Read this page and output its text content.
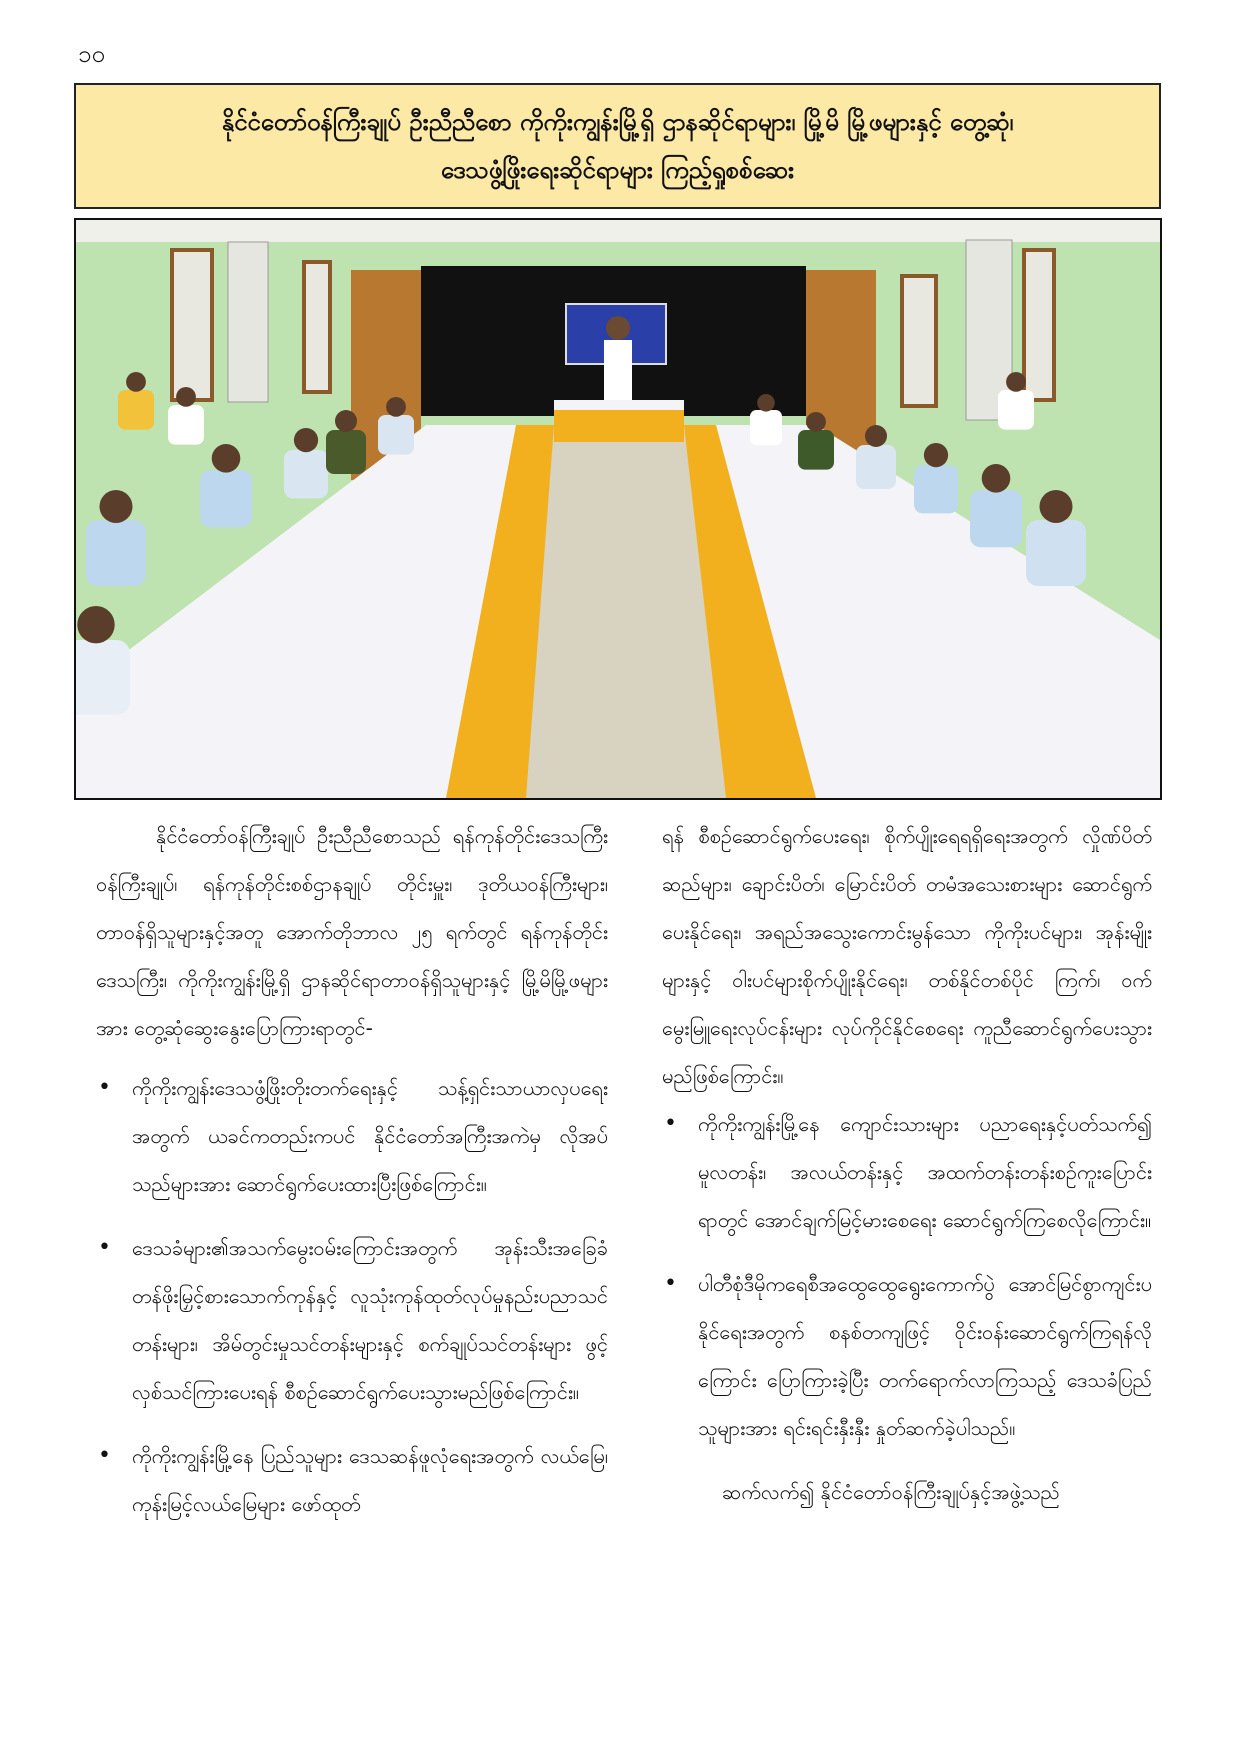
၁၀
နိုင်ငံတော်ဝန်ကြီးချုပ် ဦးညီညီစော ကိုကိုးကျွန်းမြို့ရှိ ဌာနဆိုင်ရာများ၊ မြို့မိ မြို့ဖများနှင့် တွေ့ဆုံ၊
ဒေသဖွံ့ဖြိုးရေးဆိုင်ရာများ ကြည့်ရှုစစ်ဆေး

နိုင်ငံတော်ဝန်ကြီးချုပ် ဦးညီညီစောသည် ရန်ကုန်တိုင်းဒေသကြီးဝန်ကြီးချုပ်၊ ရန်ကုန်တိုင်းစစ်ဌာနချုပ် တိုင်းမှူး၊ ဒုတိယဝန်ကြီးများ၊ တာဝန်ရှိသူများနှင့်အတူ အောက်တိုဘာလ ၂၅ ရက်တွင် ရန်ကုန်တိုင်းဒေသကြီး၊ ကိုကိုးကျွန်းမြို့ရှိ ဌာနဆိုင်ရာတာဝန်ရှိသူများနှင့် မြို့မိမြို့ဖများအား တွေ့ဆုံဆွေးနွေးပြောကြားရာတွင်-

• ကိုကိုးကျွန်းဒေသဖွံ့ဖြိုးတိုးတက်ရေးနှင့် သန့်ရှင်းသာယာလှပရေးအတွက် ယခင်ကတည်းကပင် နိုင်ငံတော်အကြီးအကဲမှ လိုအပ်သည်များအား ဆောင်ရွက်ပေးထားပြီးဖြစ်ကြောင်း။
• ဒေသခံများ၏အသက်မွေးဝမ်းကြောင်းအတွက် အုန်းသီးအခြေခံတန်ဖိုးမြှင့်စားသောက်ကုန်နှင့် လူသုံးကုန်ထုတ်လုပ်မှုနည်းပညာသင်တန်းများ၊ အိမ်တွင်းမှုသင်တန်းများနှင့် စက်ချုပ်သင်တန်းများ ဖွင့်လှစ်သင်ကြားပေးရန် စီစဉ်ဆောင်ရွက်ပေးသွားမည်ဖြစ်ကြောင်း။
• ကိုကိုးကျွန်းမြို့နေ ပြည်သူများ ဒေသဆန်ဖူလုံရေးအတွက် လယ်မြေ၊ ကုန်းမြင့်လယ်မြေများ ဖော်ထုတ်

ရန် စီစဉ်ဆောင်ရွက်ပေးရေး၊ စိုက်ပျိုးရေရရှိရေးအတွက် လှိုဏ်ပိတ်ဆည်များ၊ ချောင်းပိတ်၊ မြောင်းပိတ် တမံအသေးစားများ ဆောင်ရွက်ပေးနိုင်ရေး၊ အရည်အသွေးကောင်းမွန်သော ကိုကိုးပင်များ၊ အုန်းမျိုးများနှင့် ဝါးပင်များစိုက်ပျိုးနိုင်ရေး၊ တစ်နိုင်တစ်ပိုင် ကြက်၊ ဝက် မွေးမြူရေးလုပ်ငန်းများ လုပ်ကိုင်နိုင်စေရေး ကူညီဆောင်ရွက်ပေးသွားမည်ဖြစ်ကြောင်း။

• ကိုကိုးကျွန်းမြို့နေ ကျောင်းသားများ ပညာရေးနှင့်ပတ်သက်၍ မူလတန်း၊ အလယ်တန်းနှင့် အထက်တန်းတန်းစဉ်ကူးပြောင်းရာတွင် အောင်ချက်မြင့်မားစေရေး ဆောင်ရွက်ကြစေလိုကြောင်း။
• ပါတီစုံဒီမိုကရေစီအထွေထွေရွေးကောက်ပွဲ အောင်မြင်စွာကျင်းပနိုင်ရေးအတွက် စနစ်တကျဖြင့် ဝိုင်းဝန်းဆောင်ရွက်ကြရန်လိုကြောင်း ပြောကြားခဲ့ပြီး တက်ရောက်လာကြသည့် ဒေသခံပြည်သူများအား ရင်းရင်းနှီးနှီး နှုတ်ဆက်ခဲ့ပါသည်။

ဆက်လက်၍ နိုင်ငံတော်ဝန်ကြီးချုပ်နှင့်အဖွဲ့သည်
